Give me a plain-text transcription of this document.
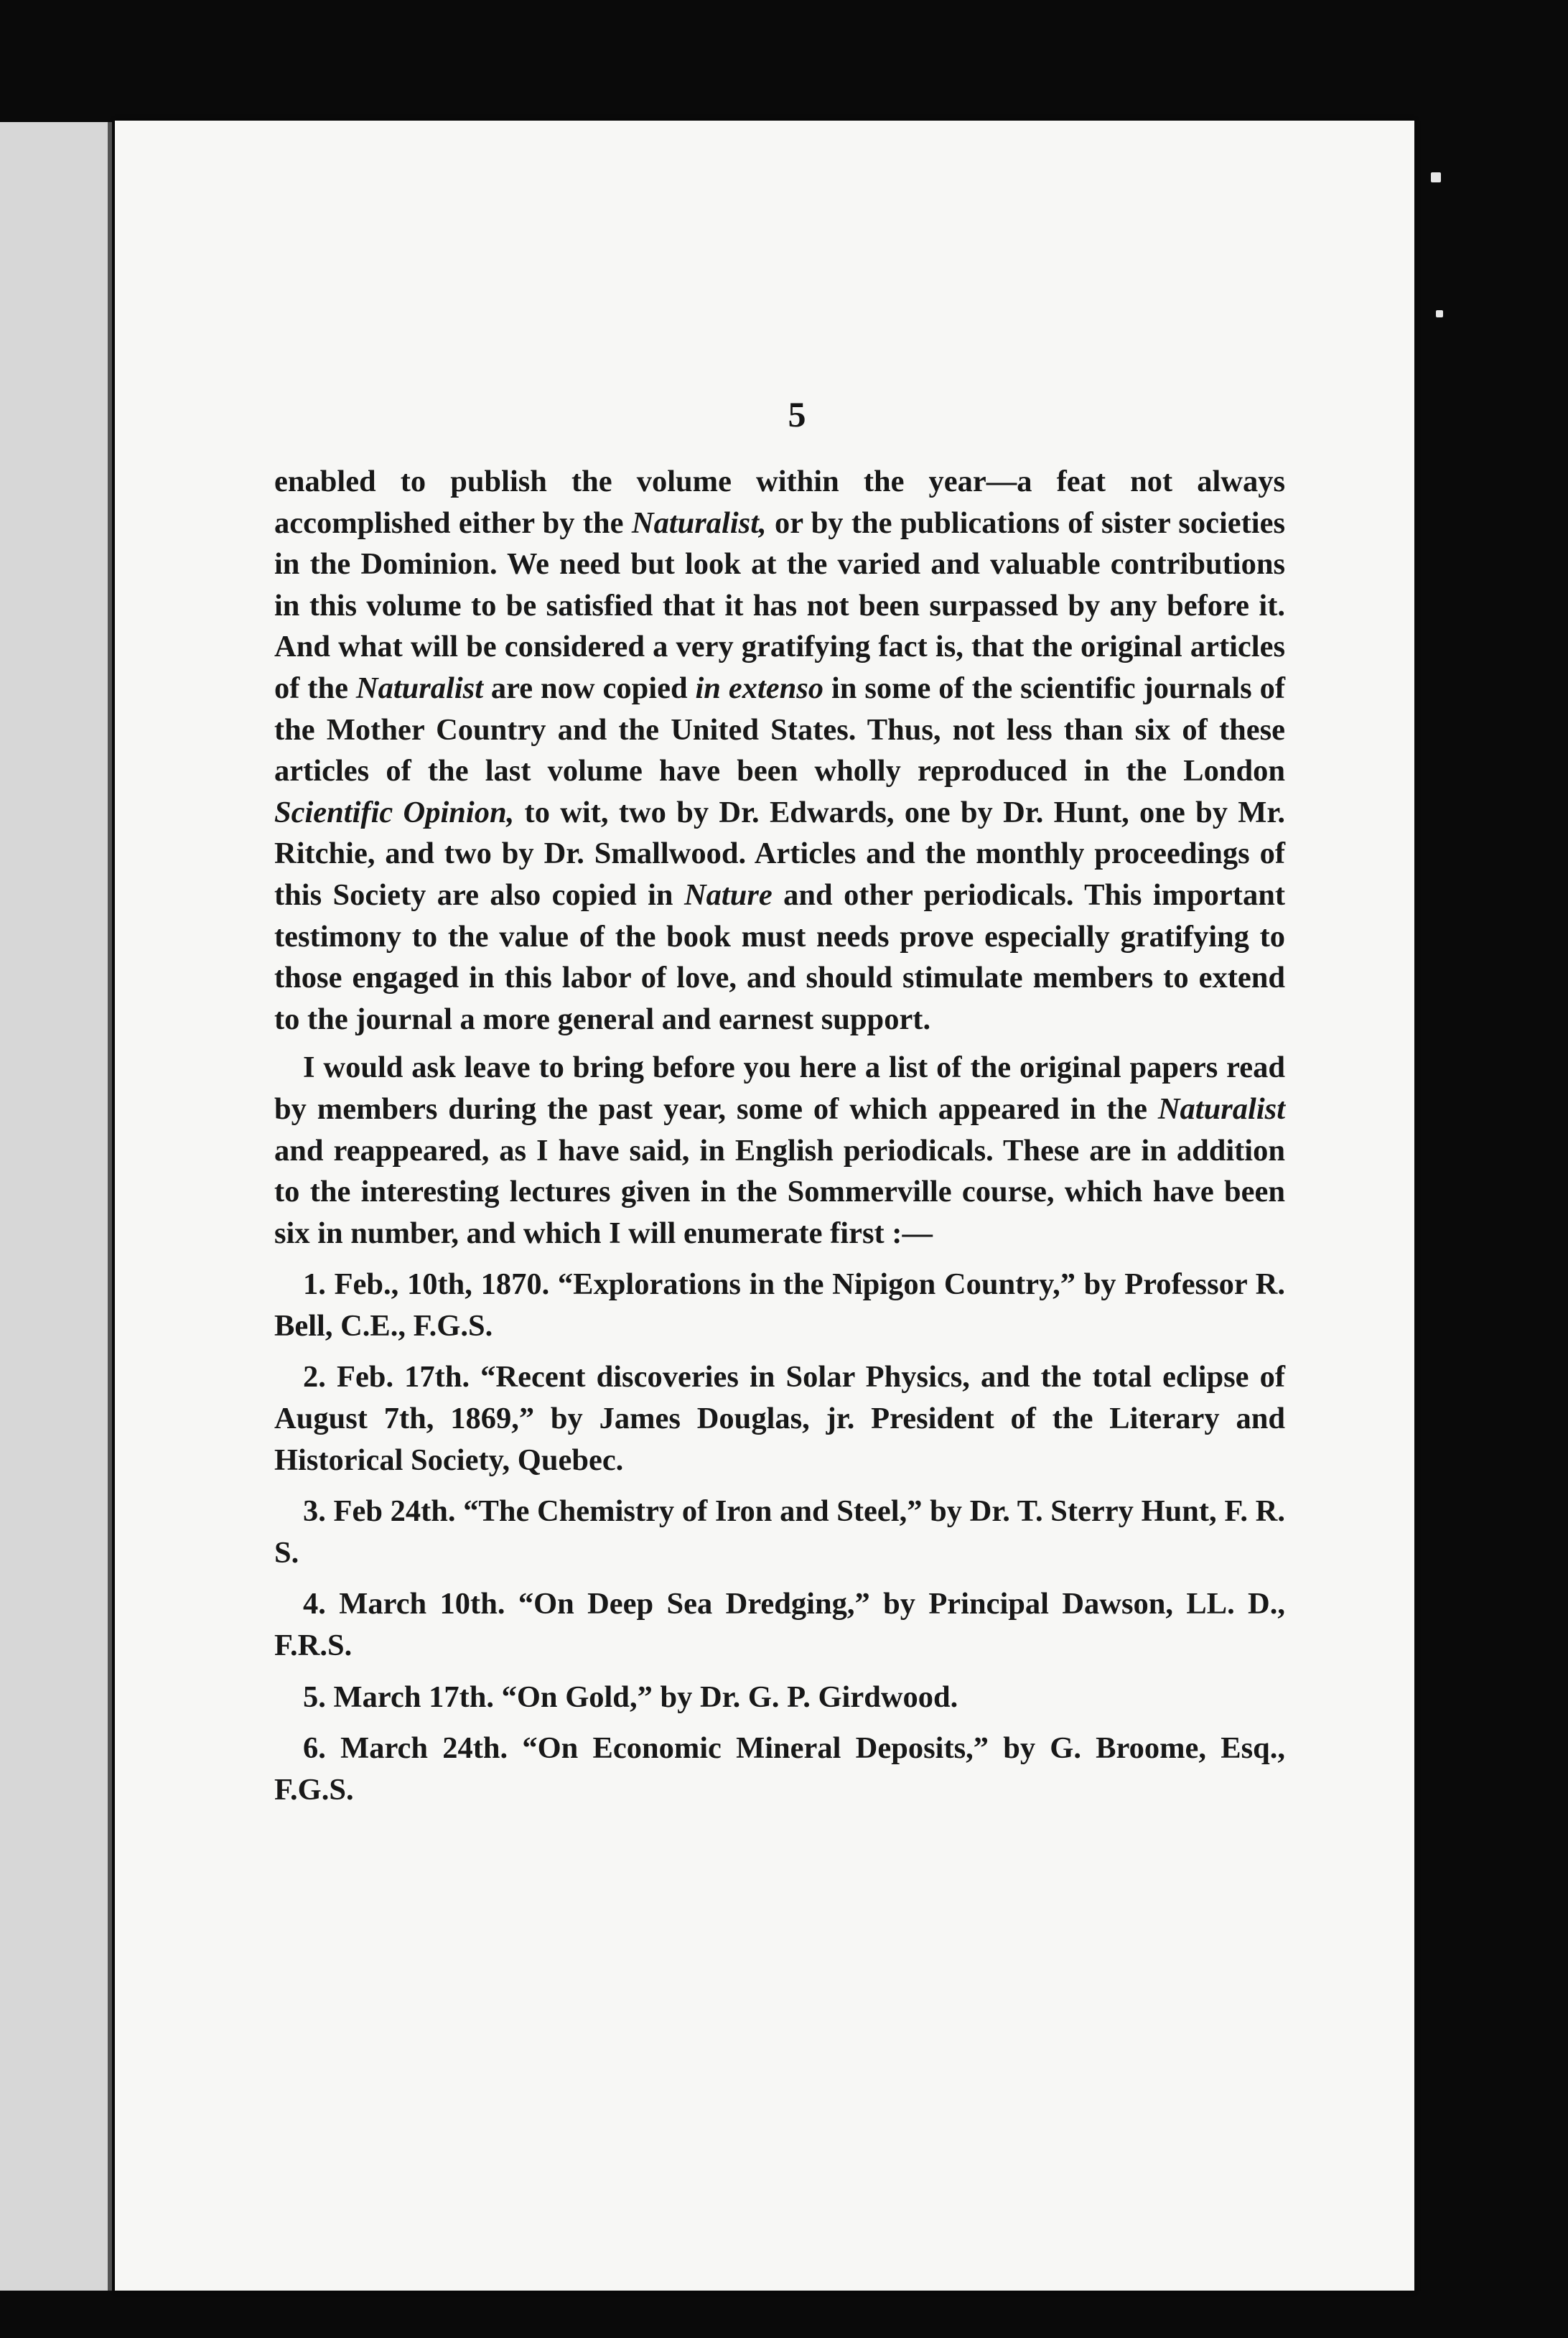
5

enabled to publish the volume within the year—a feat not always accomplished either by the Naturalist, or by the publications of sister societies in the Dominion. We need but look at the varied and valuable contributions in this volume to be satisfied that it has not been surpassed by any before it. And what will be considered a very gratifying fact is, that the original articles of the Naturalist are now copied in extenso in some of the scientific journals of the Mother Country and the United States. Thus, not less than six of these articles of the last volume have been wholly reproduced in the London Scientific Opinion, to wit, two by Dr. Edwards, one by Dr. Hunt, one by Mr. Ritchie, and two by Dr. Smallwood. Articles and the monthly proceedings of this Society are also copied in Nature and other periodicals. This important testimony to the value of the book must needs prove especially gratifying to those engaged in this labor of love, and should stimulate members to extend to the journal a more general and earnest support.

I would ask leave to bring before you here a list of the original papers read by members during the past year, some of which appeared in the Naturalist and reappeared, as I have said, in English periodicals. These are in addition to the interesting lectures given in the Sommerville course, which have been six in number, and which I will enumerate first :—

1. Feb., 10th, 1870. “Explorations in the Nipigon Country,” by Professor R. Bell, C.E., F.G.S.

2. Feb. 17th. “Recent discoveries in Solar Physics, and the total eclipse of August 7th, 1869,” by James Douglas, jr. President of the Literary and Historical Society, Quebec.

3. Feb 24th. “The Chemistry of Iron and Steel,” by Dr. T. Sterry Hunt, F. R. S.

4. March 10th. “On Deep Sea Dredging,” by Principal Dawson, LL. D., F.R.S.

5. March 17th. “On Gold,” by Dr. G. P. Girdwood.

6. March 24th. “On Economic Mineral Deposits,” by G. Broome, Esq., F.G.S.
